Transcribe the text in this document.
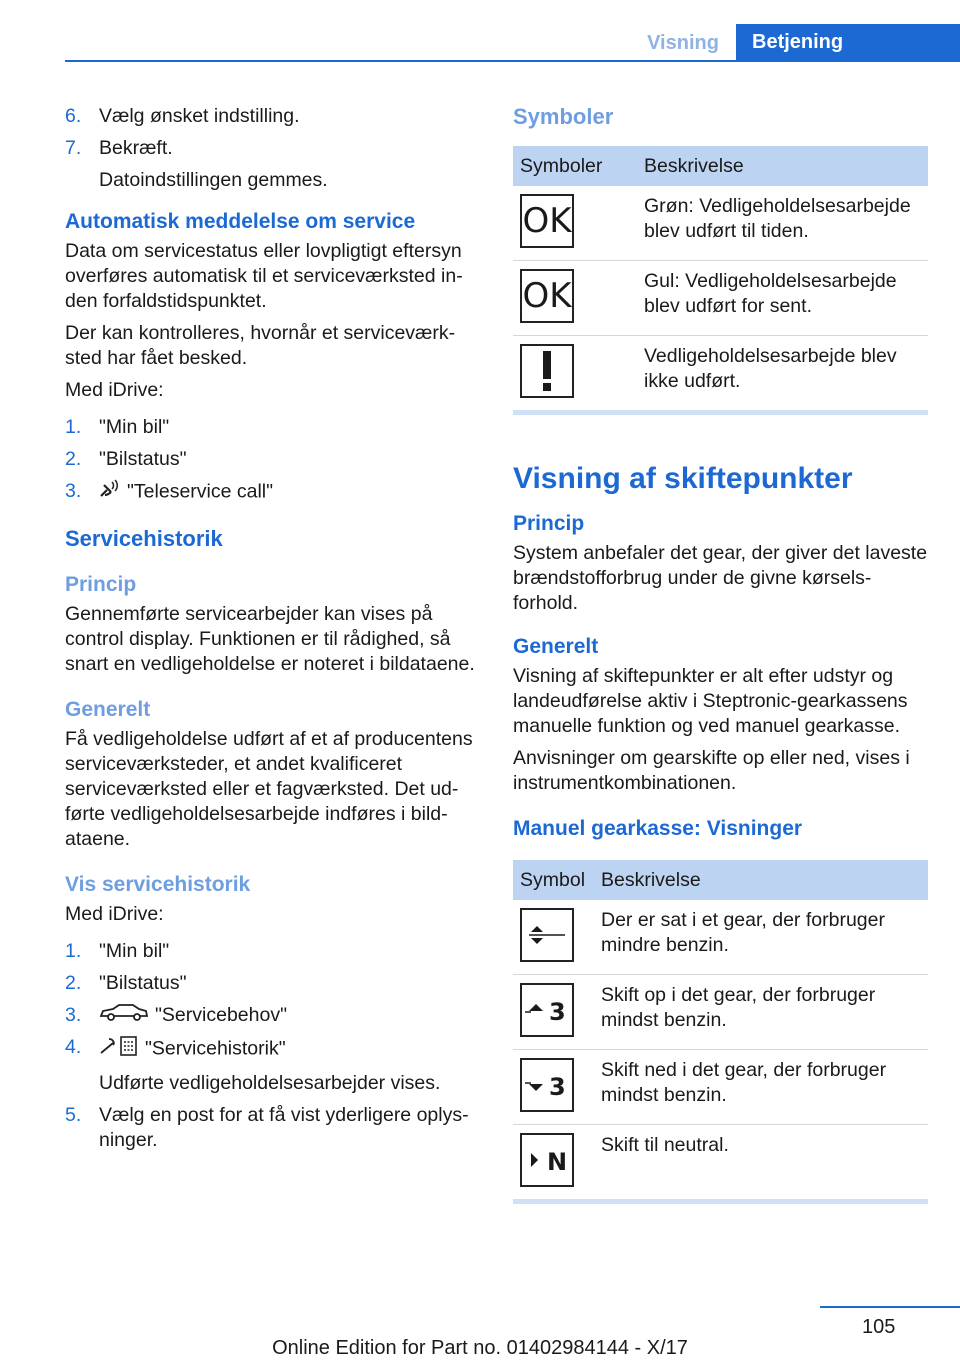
Visning	Betjening
6. Vælg ønsket indstilling.
7. Bekræft.
Datoindstillingen gemmes.
Automatisk meddelelse om service

Data om servicestatus eller lovpligtigt eftersyn overføres automatisk til et serviceværksted inden forfaldstidspunktet.

Der kan kontrolleres, hvornår et serviceværksted har fået besked.

Med iDrive:

1. "Min bil"
2. "Bilstatus"
3.	"Teleservice call"
Servicehistorik
Princip

Gennemførte servicearbejder kan vises på control display. Funktionen er til rådighed, så snart en vedligeholdelse er noteret i bildataene.

Generelt

Få vedligeholdelse udført af et af producentens serviceværksteder, et andet kvalificeret serviceværksted eller et fagværksted. Det udførte vedligeholdelsesarbejde indføres i bildataene.

Vis servicehistorik

Med iDrive:

1. "Min bil"
2. "Bilstatus"
3.	"Servicebehov"
4.	"Servicehistorik"
Udførte vedligeholdelsesarbejder vises.
5. Vælg en post for at få vist yderligere oplysninger.
Symboler
Symboler	Beskrivelse

OK	Grøn: Vedligeholdelsesarbejde blev udført til tiden.

OK	Gul: Vedligeholdelsesarbejde blev udført for sent.

	Vedligeholdelsesarbejde blev ikke udført.
Visning af skiftepunkter
Princip

System anbefaler det gear, der giver det laveste brændstofforbrug under de givne kørselsforhold.

Generelt

Visning af skiftepunkter er alt efter udstyr og landeudførelse aktiv i Steptronic-gearkassens manuelle funktion og ved manuel gearkasse.

Anvisninger om gearskifte op eller ned, vises i instrumentkombinationen.

Manuel gearkasse: Visninger
Symbol	Beskrivelse

	Der er sat i et gear, der forbruger mindre benzin.

3	Skift op i det gear, der forbruger mindst benzin.

3	Skift ned i det gear, der forbruger mindst benzin.

N	Skift til neutral.
105
Online Edition for Part no. 01402984144 - X/17
